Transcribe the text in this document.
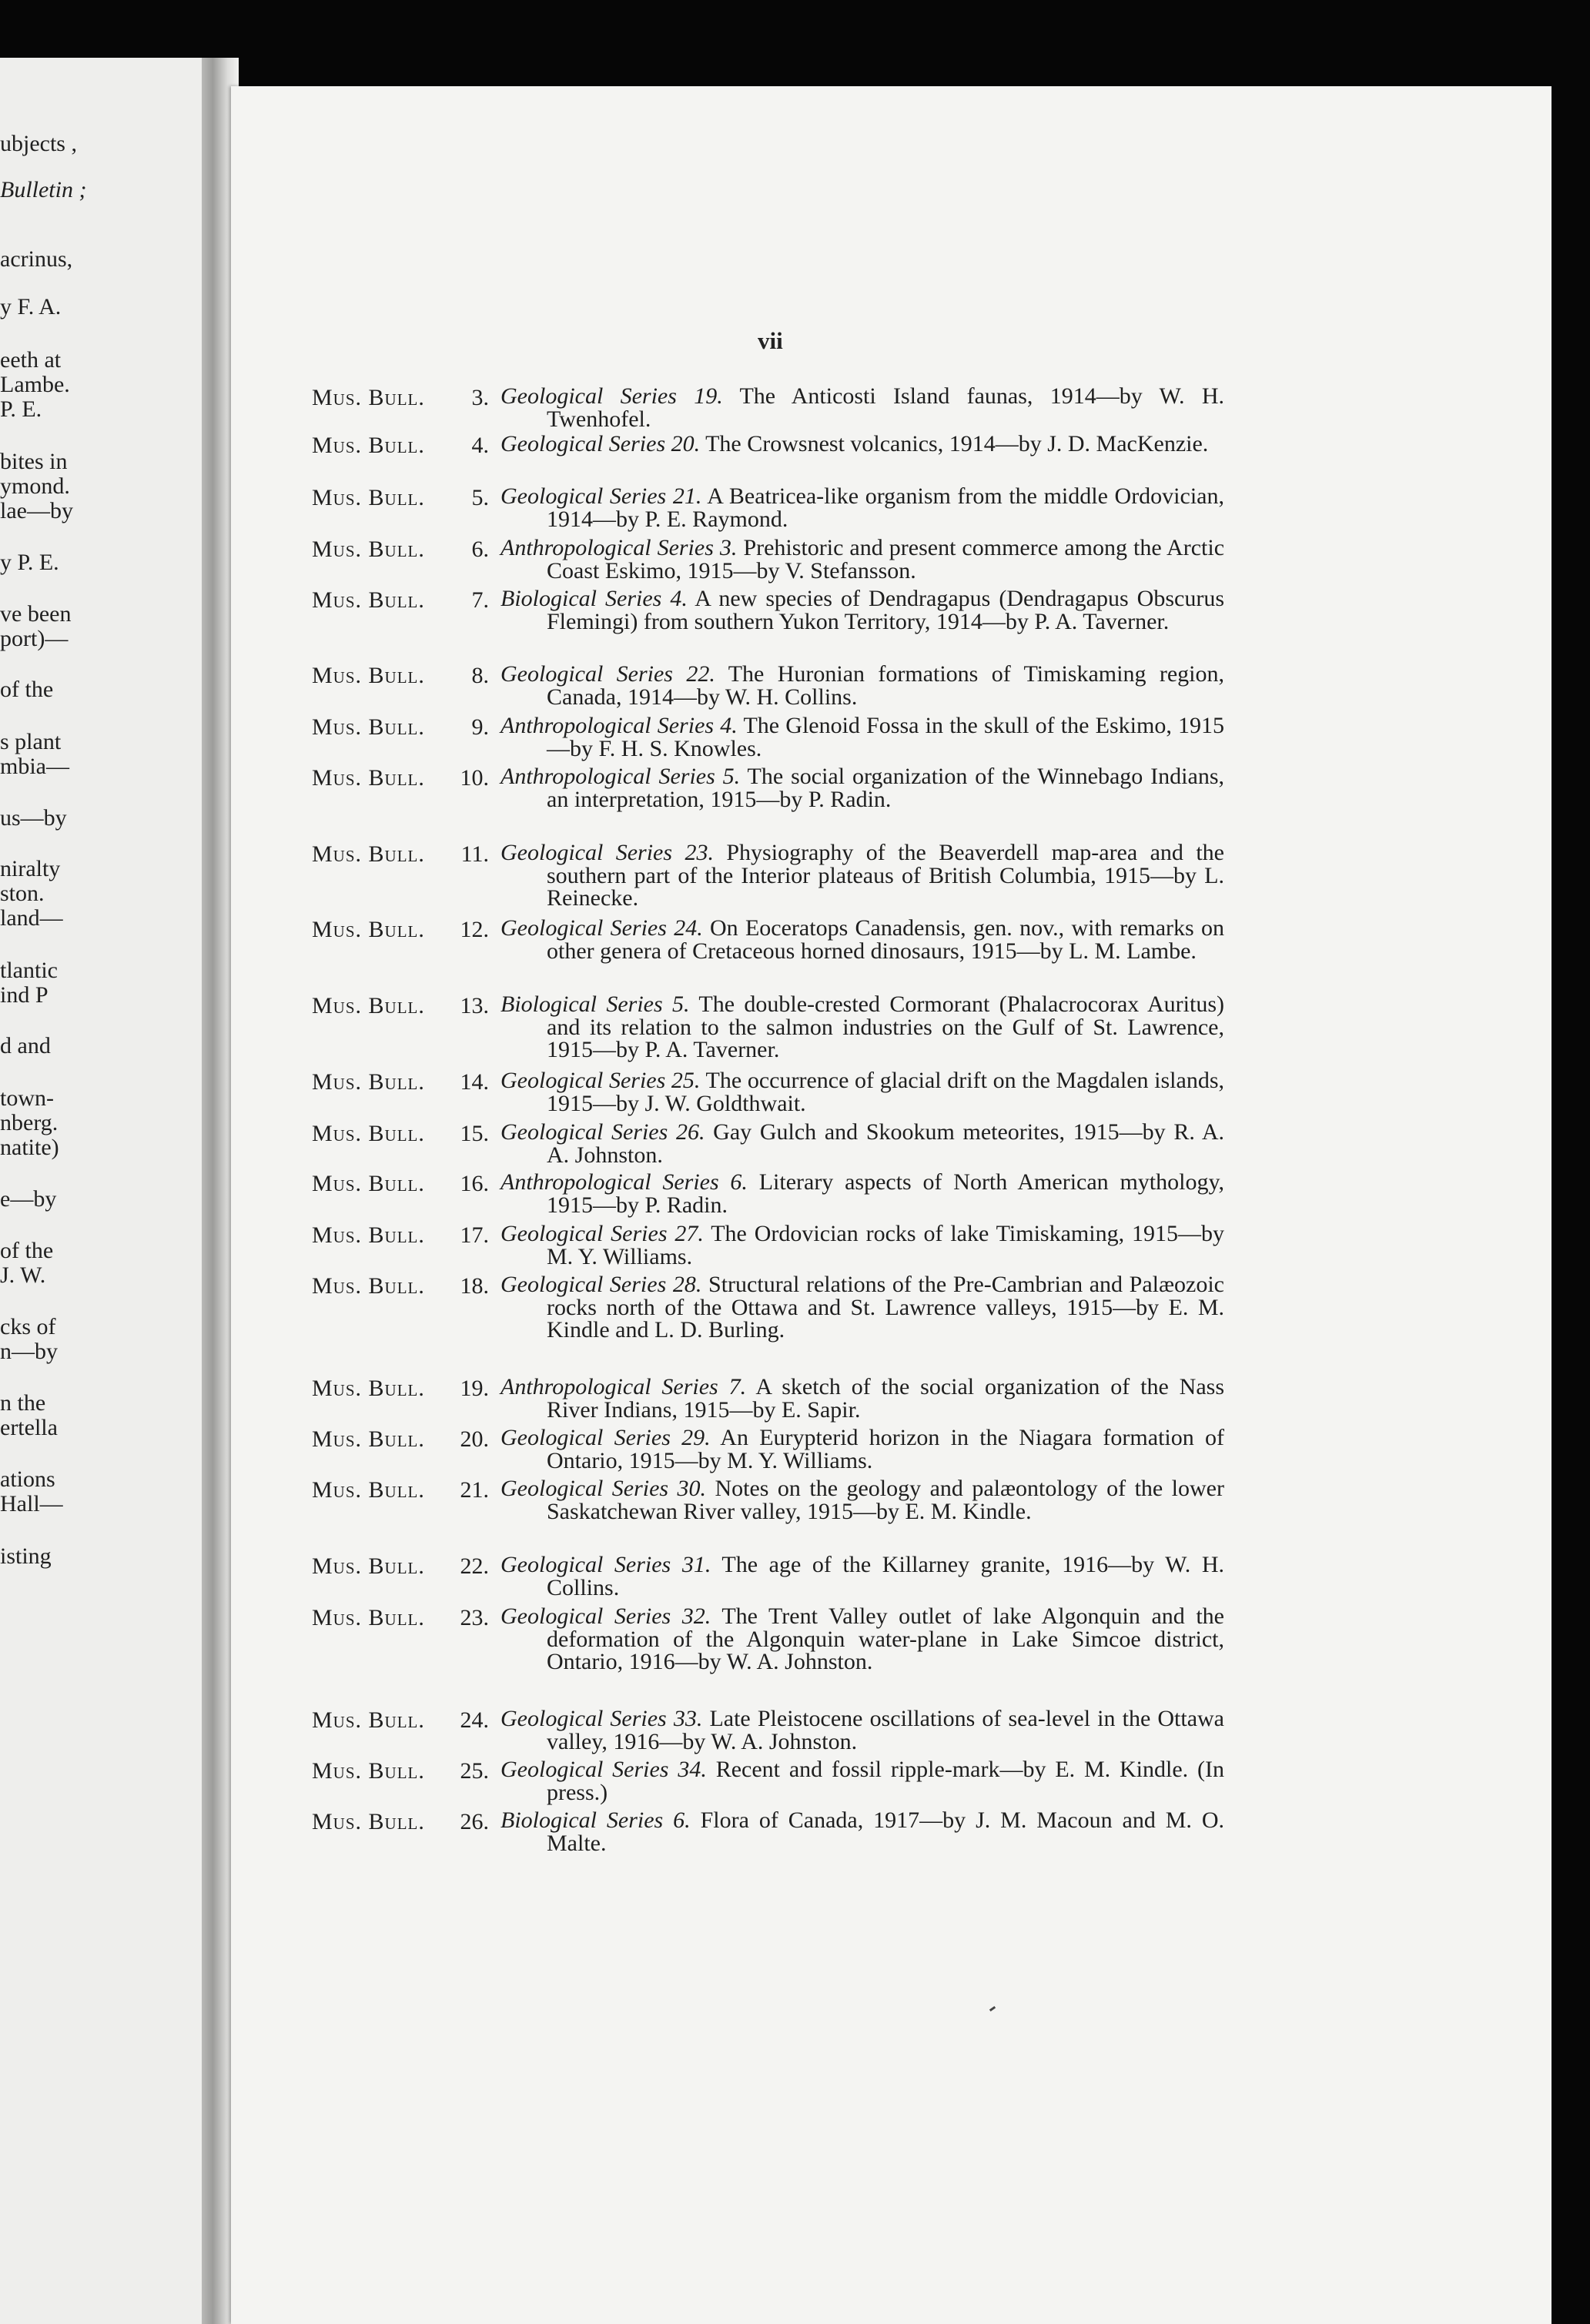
ubjects ,

Bulletin ;

acrinus,

y F. A.

eeth at

Lambe.

P. E.

bites in

ymond.

lae—by

y P. E.

ve been

port)—

of the

s plant

mbia—

us—by

niralty

ston.

land—

tlantic

ind P

d and

town-

nberg.

natite)

e—by

of the

J. W.

cks of

n—by

n the

ertella

ations

Hall—

isting

vii

Mus. Bull. 3. Geological Series 19. The Anticosti Island faunas, 1914—by W. H. Twenhofel.

Mus. Bull. 4. Geological Series 20. The Crowsnest volcanics, 1914—by J. D. MacKenzie.

Mus. Bull. 5. Geological Series 21. A Beatricea-like organism from the middle Ordovician, 1914—by P. E. Raymond.

Mus. Bull. 6. Anthropological Series 3. Prehistoric and present commerce among the Arctic Coast Eskimo, 1915—by V. Stefansson.

Mus. Bull. 7. Biological Series 4. A new species of Dendragapus (Dendragapus Obscurus Flemingi) from southern Yukon Territory, 1914—by P. A. Taverner.

Mus. Bull. 8. Geological Series 22. The Huronian formations of Timiskaming region, Canada, 1914—by W. H. Collins.

Mus. Bull. 9. Anthropological Series 4. The Glenoid Fossa in the skull of the Eskimo, 1915—by F. H. S. Knowles.

Mus. Bull. 10. Anthropological Series 5. The social organization of the Winnebago Indians, an interpretation, 1915—by P. Radin.

Mus. Bull. 11. Geological Series 23. Physiography of the Beaverdell map-area and the southern part of the Interior plateaus of British Columbia, 1915—by L. Reinecke.

Mus. Bull. 12. Geological Series 24. On Eoceratops Canadensis, gen. nov., with remarks on other genera of Cretaceous horned dinosaurs, 1915—by L. M. Lambe.

Mus. Bull. 13. Biological Series 5. The double-crested Cormorant (Phalacrocorax Auritus) and its relation to the salmon industries on the Gulf of St. Lawrence, 1915—by P. A. Taverner.

Mus. Bull. 14. Geological Series 25. The occurrence of glacial drift on the Magdalen islands, 1915—by J. W. Goldthwait.

Mus. Bull. 15. Geological Series 26. Gay Gulch and Skookum meteorites, 1915—by R. A. A. Johnston.

Mus. Bull. 16. Anthropological Series 6. Literary aspects of North American mythology, 1915—by P. Radin.

Mus. Bull. 17. Geological Series 27. The Ordovician rocks of lake Timiskaming, 1915—by M. Y. Williams.

Mus. Bull. 18. Geological Series 28. Structural relations of the Pre-Cambrian and Palæozoic rocks north of the Ottawa and St. Lawrence valleys, 1915—by E. M. Kindle and L. D. Burling.

Mus. Bull. 19. Anthropological Series 7. A sketch of the social organization of the Nass River Indians, 1915—by E. Sapir.

Mus. Bull. 20. Geological Series 29. An Eurypterid horizon in the Niagara formation of Ontario, 1915—by M. Y. Williams.

Mus. Bull. 21. Geological Series 30. Notes on the geology and palæontology of the lower Saskatchewan River valley, 1915—by E. M. Kindle.

Mus. Bull. 22. Geological Series 31. The age of the Killarney granite, 1916—by W. H. Collins.

Mus. Bull. 23. Geological Series 32. The Trent Valley outlet of lake Algonquin and the deformation of the Algonquin water-plane in Lake Simcoe district, Ontario, 1916—by W. A. Johnston.

Mus. Bull. 24. Geological Series 33. Late Pleistocene oscillations of sea-level in the Ottawa valley, 1916—by W. A. Johnston.

Mus. Bull. 25. Geological Series 34. Recent and fossil ripple-mark—by E. M. Kindle. (In press.)

Mus. Bull. 26. Biological Series 6. Flora of Canada, 1917—by J. M. Macoun and M. O. Malte.
